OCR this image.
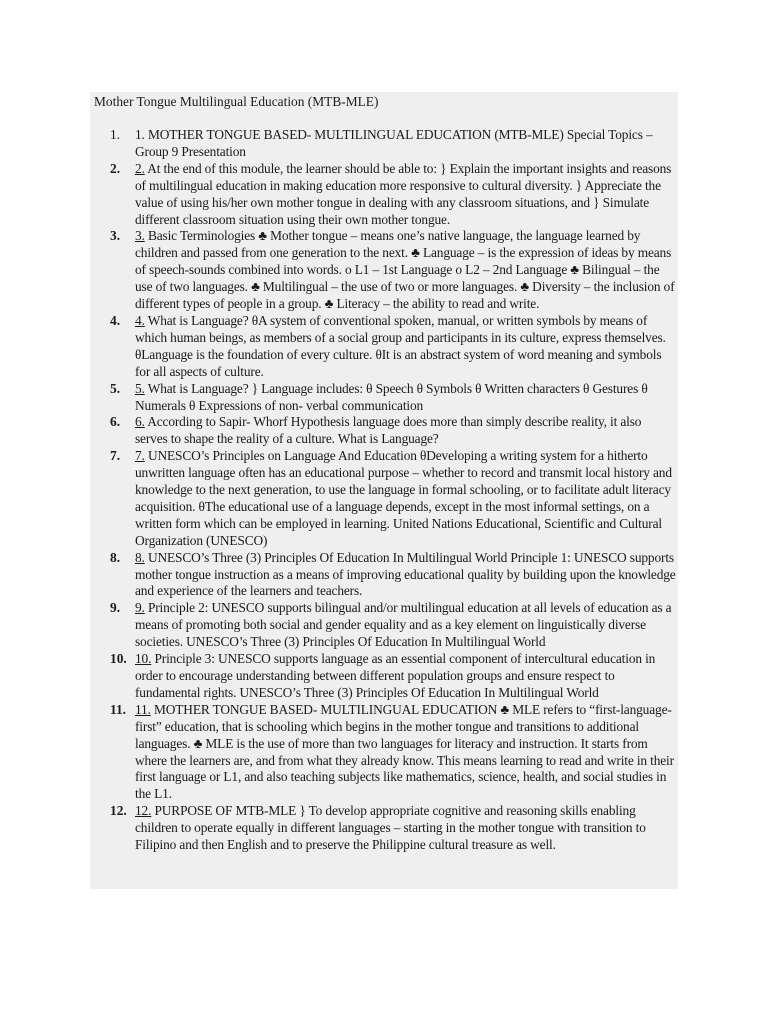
Mother Tongue Multilingual Education (MTB-MLE)
1.	1. MOTHER TONGUE BASED- MULTILINGUAL EDUCATION (MTB-MLE) Special Topics – Group 9 Presentation
2.	2. At the end of this module, the learner should be able to: } Explain the important insights and reasons of multilingual education in making education more responsive to cultural diversity. } Appreciate the value of using his/her own mother tongue in dealing with any classroom situations, and } Simulate different classroom situation using their own mother tongue.
3.	3. Basic Terminologies ♣ Mother tongue – means one’s native language, the language learned by children and passed from one generation to the next. ♣ Language – is the expression of ideas by means of speech-sounds combined into words. o L1 – 1st Language o L2 – 2nd Language ♣ Bilingual – the use of two languages. ♣ Multilingual – the use of two or more languages. ♣ Diversity – the inclusion of different types of people in a group. ♣ Literacy – the ability to read and write.
4.	4. What is Language? θA system of conventional spoken, manual, or written symbols by means of which human beings, as members of a social group and participants in its culture, express themselves. θLanguage is the foundation of every culture. θIt is an abstract system of word meaning and symbols for all aspects of culture.
5.	5. What is Language? } Language includes: θ Speech θ Symbols θ Written characters θ Gestures θ Numerals θ Expressions of non- verbal communication
6.	6. According to Sapir- Whorf Hypothesis language does more than simply describe reality, it also serves to shape the reality of a culture. What is Language?
7.	7. UNESCO’s Principles on Language And Education θDeveloping a writing system for a hitherto unwritten language often has an educational purpose – whether to record and transmit local history and knowledge to the next generation, to use the language in formal schooling, or to facilitate adult literacy acquisition. θThe educational use of a language depends, except in the most informal settings, on a written form which can be employed in learning. United Nations Educational, Scientific and Cultural Organization (UNESCO)
8.	8. UNESCO’s Three (3) Principles Of Education In Multilingual World Principle 1: UNESCO supports mother tongue instruction as a means of improving educational quality by building upon the knowledge and experience of the learners and teachers.
9.	9. Principle 2: UNESCO supports bilingual and/or multilingual education at all levels of education as a means of promoting both social and gender equality and as a key element on linguistically diverse societies. UNESCO’s Three (3) Principles Of Education In Multilingual World
10. 10. Principle 3: UNESCO supports language as an essential component of intercultural education in order to encourage understanding between different population groups and ensure respect to fundamental rights. UNESCO’s Three (3) Principles Of Education In Multilingual World
11. 11. MOTHER TONGUE BASED- MULTILINGUAL EDUCATION ♣ MLE refers to “first-language-first” education, that is schooling which begins in the mother tongue and transitions to additional languages. ♣ MLE is the use of more than two languages for literacy and instruction. It starts from where the learners are, and from what they already know. This means learning to read and write in their first language or L1, and also teaching subjects like mathematics, science, health, and social studies in the L1.
12. 12. PURPOSE OF MTB-MLE } To develop appropriate cognitive and reasoning skills enabling children to operate equally in different languages – starting in the mother tongue with transition to Filipino and then English and to preserve the Philippine cultural treasure as well.
